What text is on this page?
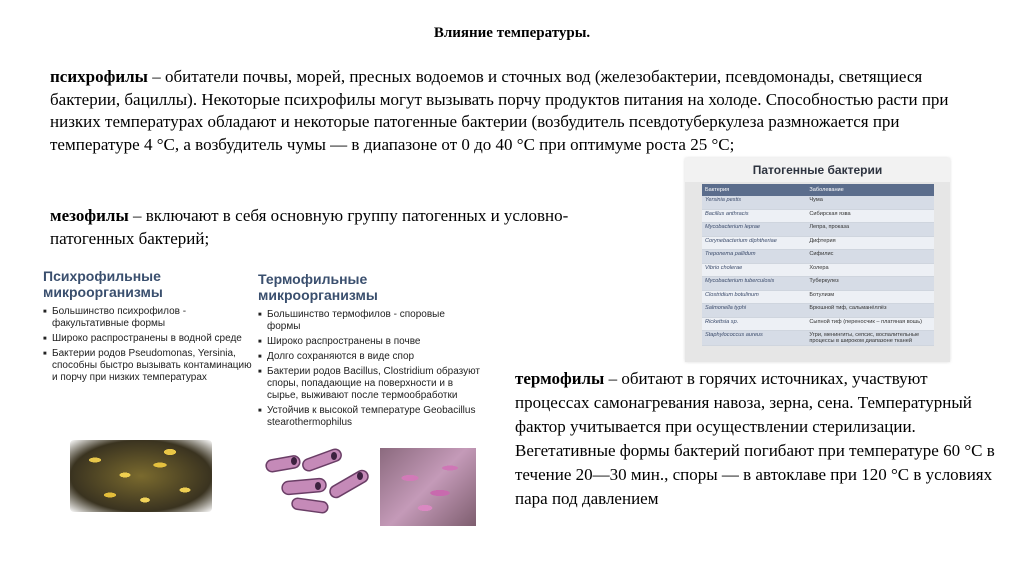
Влияние температуры.
психрофилы – обитатели почвы, морей, пресных водоемов и сточных вод (железобактерии, псевдомонады, светящиеся бактерии, бациллы). Некоторые психрофилы могут вызывать порчу продуктов питания на холоде. Способностью расти при низких температурах обладают и некоторые патогенные бактерии (возбудитель псевдотуберкулеза размножается при температуре 4 °С, а возбудитель чумы — в диапазоне от 0 до 40 °С при оптимуме роста 25 °С;
мезофилы – включают в себя основную группу патогенных и условно-патогенных бактерий;
термофилы – обитают в горячих источниках, участвуют процессах самонагревания навоза, зерна, сена. Температурный фактор учитывается при осуществлении стерилизации. Вегетативные формы бактерий погибают при температуре 60 °С в течение 20—30 мин., споры — в автоклаве при 120 °С в условиях пара под давлением
Патогенные бактерии
Бактерия	Заболевание
Yersinia pestis	Чума
Bacillus anthracis	Сибирская язва
Mycobacterium leprae	Лепра, проказа
Corynebacterium diphtheriae	Дифтерия
Treponema pallidum	Сифилис
Vibrio cholerae	Холера
Mycobacterium tuberculosis	Туберкулез
Clostridium botulinum	Ботулизм
Salmonella typhi	Брюшной тиф, сальмане́ллёз
Rickettsia sp.	Сыпной тиф (переносчик – платяная вошь)
Staphylococcus aureus	Угри, менингиты, сепсис, воспалительные процессы в широком диапазоне тканей
Психрофильные
микроорганизмы
■ Большинство психрофилов - факультативные формы
■ Широко распространены в водной среде
■ Бактерии родов Pseudomonas, Yersinia, способны быстро вызывать контаминацию и порчу при низких температурах
Термофильные
микроорганизмы
■ Большинство термофилов - споровые формы
■ Широко распространены в почве
■ Долго сохраняются в виде спор
■ Бактерии родов Bacillus, Clostridium образуют споры, попадающие на поверхности и в сырье, выживают после термообработки
■ Устойчив к высокой температуре Geobacillus stearothermophilus
